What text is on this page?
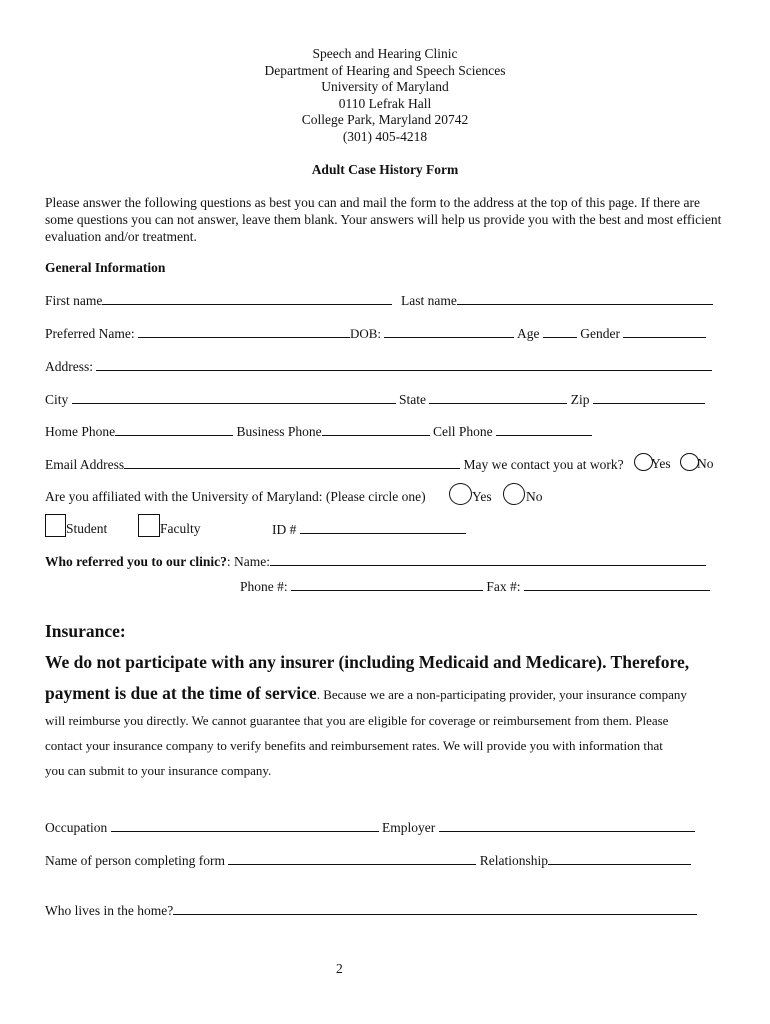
Speech and Hearing Clinic
Department of Hearing and Speech Sciences
University of Maryland
0110 Lefrak Hall
College Park, Maryland 20742
(301) 405-4218
Adult Case History Form
Please answer the following questions as best you can and mail the form to the address at the top of this page. If there are some questions you can not answer, leave them blank. Your answers will help us provide you with the best and most efficient evaluation and/or treatment.
General Information
First name	Last name
Preferred Name:	DOB:	Age	Gender
Address:
City	State	Zip
Home Phone	Business Phone	Cell Phone
Email Address	May we contact you at work? Yes No
Are you affiliated with the University of Maryland: (Please circle one)	Yes	No
Student	Faculty	ID #
Who referred you to our clinic?: Name:
Phone #:	Fax #:
Insurance:
We do not participate with any insurer (including Medicaid and Medicare). Therefore,
payment is due at the time of service. Because we are a non-participating provider, your insurance company
will reimburse you directly. We cannot guarantee that you are eligible for coverage or reimbursement from them. Please
contact your insurance company to verify benefits and reimbursement rates. We will provide you with information that
you can submit to your insurance company.
Occupation	Employer
Name of person completing form	Relationship
Who lives in the home?
2
